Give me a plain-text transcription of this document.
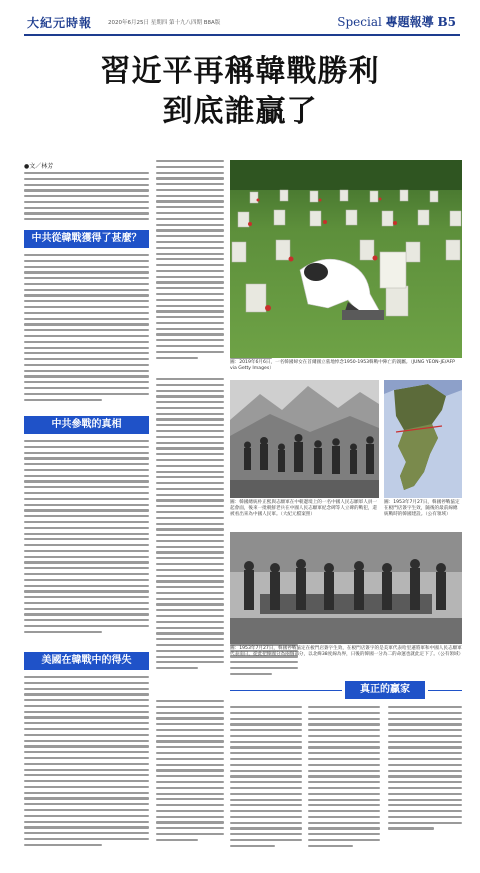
大紀元時報	2020年6月25日 星期四 第十九八四期 B8A版	Special 專題報導 B5
習近平再稱韓戰勝利
到底誰贏了
●文／林芳
中共從韓戰獲得了甚麼？
中共參戰的真相
美國在韓戰中的得失
圖：2019年6月6日，一名韓國婦女在首爾國立墓地悼念1950-1953韓戰中陣亡的親屬。（JUNG YEON-JE/AFP via Getty Images）
圖：韓國總統朴正熙與志願軍在中朝邊境上的一名中國人民志願軍人員一起會面，後來一批朝鮮老兵在中國人民志願軍紀念碑等人立碑的戰犯，還被看出來為中國人民軍。（大紀元檔案照）
圖：1953年7月27日，韓國停戰協定在板門店簽字生效，隨後的最前線總統戰時的韓國建設。（公有領域）
圖：1953年7月27日，韓國停戰協定在板門店簽字生效，在板門店簽字的是美軍代表哈里遜將軍和中國人民志願軍代表南日，從此把韓國分為兩個部分，以北緯38度線為界，日後的韓國一分為二的命運也就此定下了。（公有領域）
真正的贏家
